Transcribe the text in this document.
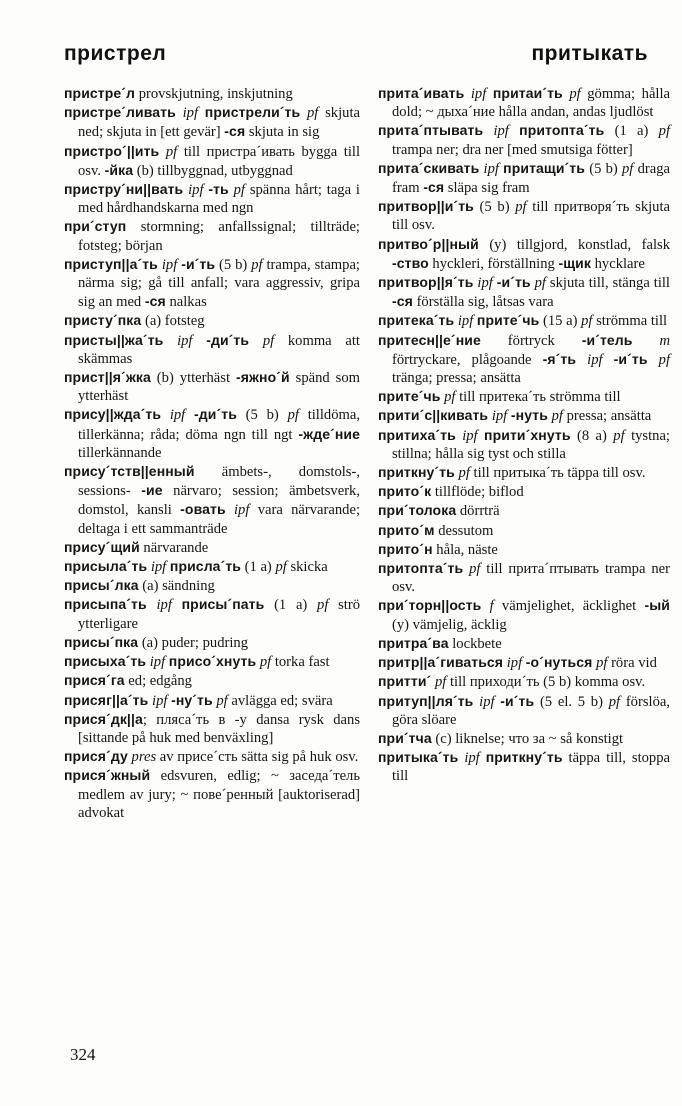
пристрел	притыкать

пристре´л provskjutning, inskjutning

пристре´ливать ipf пристрели´ть pf skjuta ned; skjuta in [ett gevär] -ся skjuta in sig

пристро´||ить pf till пристра´ивать bygga till osv. -йка (b) tillbyggnad, utbyggnad

пристру´ни||вать ipf -ть pf spänna hårt; taga i med hårdhandskarna med ngn

при´ступ stormning; anfallssignal; tillträde; fotsteg; början

приступ||а´ть ipf -и´ть (5 b) pf trampa, stampa; närma sig; gå till anfall; vara aggressiv, gripa sig an med -ся nalkas

присту´пка (a) fotsteg

присты||жа´ть ipf -ди´ть pf komma att skämmas

прист||я´жка (b) ytterhäst -яжно´й spänd som ytterhäst

прису||жда´ть ipf -ди´ть (5 b) pf tilldöma, tillerkänna; råda; döma ngn till ngt -жде´ние tillerkännande

прису´тств||енный ämbets-, domstols-, sessions- -ие närvaro; session; ämbetsverk, domstol, kansli -овать ipf vara närvarande; deltaga i ett sammanträde

прису´щий närvarande

присыла´ть ipf присла´ть (1 a) pf skicka

присы´лка (a) sändning

присыпа´ть ipf присы´пать (1 a) pf strö ytterligare

присы´пка (a) puder; pudring

присыха´ть ipf присо´хнуть pf torka fast

прися´га ed; edgång

присяг||а´ть ipf -ну´ть pf avlägga ed; svära

прися´дк||а; пляса´ть в -у dansa rysk dans [sittande på huk med benväxling]

прися´ду pres av присе´сть sätta sig på huk osv.

прися´жный edsvuren, edlig; ~ заседа´тель medlem av jury; ~ пове´ренный [auktoriserad] advokat

прита´ивать ipf притаи´ть pf gömma; hålla dold; ~ дыха´ние hålla andan, andas ljudlöst

прита´птывать ipf притопта´ть (1 a) pf trampa ner; dra ner [med smutsiga fötter]

прита´скивать ipf притащи´ть (5 b) pf draga fram -ся släpa sig fram

притвор||и´ть (5 b) pf till притворя´ть skjuta till osv.

притво´р||ный (y) tillgjord, konstlad, falsk -ство hyckleri, förställning -щик hycklare

притвор||я´ть ipf -и´ть pf skjuta till, stänga till -ся förställa sig, låtsas vara

притека´ть ipf прите´чь (15 a) pf strömma till

притесн||е´ние förtryck -и´тель m förtryckare, plågoande -я´ть ipf -и´ть pf tränga; pressa; ansätta

прите´чь pf till притека´ть strömma till

прити´с||кивать ipf -нуть pf pressa; ansätta

притиха´ть ipf прити´хнуть (8 a) pf tystna; stillna; hålla sig tyst och stilla

приткну´ть pf till притыка´ть täppa till osv.

прито´к tillflöde; biflod

при´толока dörrträ

прито´м dessutom

прито´н håla, näste

притопта´ть pf till прита´птывать trampa ner osv.

при´торн||ость f vämjelighet, äcklighet -ый (y) vämjelig, äcklig

притра´ва lockbete

притр||а´гиваться ipf -о´нуться pf röra vid

притти´ pf till приходи´ть (5 b) komma osv.

притуп||ля´ть ipf -и´ть (5 el. 5 b) pf förslöa, göra slöare

при´тча (c) liknelse; что за ~ så konstigt

притыка´ть ipf приткну´ть täppa till, stoppa till

324
